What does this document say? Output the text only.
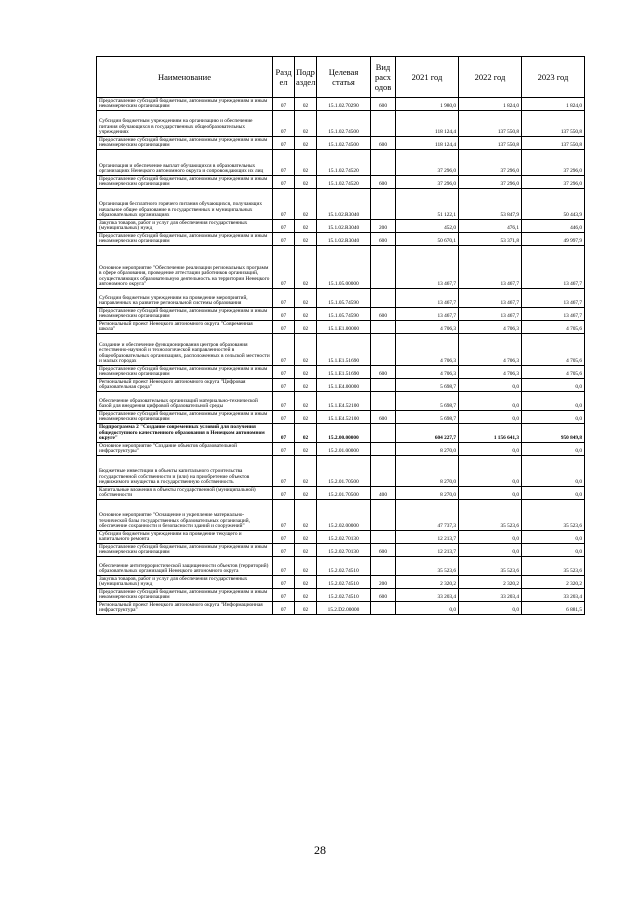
Наименование	Разд ел	Подр аздел	Целевая статья	Вид расх одов	2021 год	2022 год	2023 год
Предоставление субсидий бюджетным, автономным учреждениям и иным некоммерческим организациям	07	02	15.1.02.70290	600	1 980,0	1 824,0	1 824,0
Субсидии бюджетным учреждениям на организацию и обеспечение питания обучающихся в государственных общеобразовательных учреждениях	07	02	15.1.02.74500		118 124,4	137 550,8	137 550,8
Предоставление субсидий бюджетным, автономным учреждениям и иным некоммерческим организациям	07	02	15.1.02.74500	600	118 124,4	137 550,8	137 550,8
Организация и обеспечение выплат обучающихся в образовательных организациях Ненецкого автономного округа и сопровождающих их лиц	07	02	15.1.02.74520		37 296,0	37 296,0	37 296,0
Предоставление субсидий бюджетным, автономным учреждениям и иным некоммерческим организациям	07	02	15.1.02.74520	600	37 296,0	37 296,0	37 296,0
Организация бесплатного горячего питания обучающихся, получающих начальное общее образование в государственных и муниципальных образовательных организациях	07	02	15.1.02.R3040		51 122,1	53 847,9	50 443,9
Закупка товаров, работ и услуг для обеспечения государственных (муниципальных) нужд	07	02	15.1.02.R3040	200	452,0	476,1	446,0
Предоставление субсидий бюджетным, автономным учреждениям и иным некоммерческим организациям	07	02	15.1.02.R3040	600	50 670,1	53 371,8	49 997,9
Основное мероприятие "Обеспечение реализации региональных программ в сфере образования, проведение аттестации работников организаций, осуществляющих образовательную деятельность на территории Ненецкого автономного округа"	07	02	15.1.05.00000		13 467,7	13 467,7	13 467,7
Субсидии бюджетным учреждениям на проведение мероприятий, направленных на развитие региональной системы образования	07	02	15.1.05.74590		13 467,7	13 467,7	13 467,7
Предоставление субсидий бюджетным, автономным учреждениям и иным некоммерческим организациям	07	02	15.1.05.74590	600	13 467,7	13 467,7	13 467,7
Региональный проект Ненецкого автономного округа "Современная школа"	07	02	15.1.E1.00000		4 706,3	4 706,3	4 705,6
Создание и обеспечение функционирования центров образования естественно-научной и технологической направленностей в общеобразовательных организациях, расположенных в сельской местности и малых городах	07	02	15.1.E1.51690		4 706,3	4 706,3	4 705,6
Предоставление субсидий бюджетным, автономным учреждениям и иным некоммерческим организациям	07	02	15.1.E1.51690	600	4 706,3	4 706,3	4 705,6
Региональный проект Ненецкого автономного округа "Цифровая образовательная среда"	07	02	15.1.E4.00000		5 698,7	0,0	0,0
Обеспечение образовательных организаций материально-технической базой для внедрения цифровой образовательной среды	07	02	15.1.E4.52100		5 698,7	0,0	0,0
Предоставление субсидий бюджетным, автономным учреждениям и иным некоммерческим организациям	07	02	15.1.E4.52100	600	5 698,7	0,0	0,0
Подпрограмма 2 "Создание современных условий для получения общедоступного качественного образования в Ненецком автономном округе"	07	02	15.2.00.00000		604 227,7	1 156 641,3	950 849,8
Основное мероприятие "Создание объектов образовательной инфраструктуры"	07	02	15.2.01.00000		8 270,0	0,0	0,0
Бюджетные инвестиции в объекты капитального строительства государственной собственности и (или) на приобретение объектов недвижимого имущества в государственную собственность	07	02	15.2.01.70500		8 270,0	0,0	0,0
Капитальные вложения в объекты государственной (муниципальной) собственности	07	02	15.2.01.70500	400	8 270,0	0,0	0,0
Основное мероприятие "Оснащение и укрепление материально-технической базы государственных образовательных организаций, обеспечение сохранности и безопасности зданий и сооружений"	07	02	15.2.02.00000		47 737,3	35 523,6	35 523,6
Субсидии бюджетным учреждениям на проведение текущего и капитального ремонта	07	02	15.2.02.70130		12 213,7	0,0	0,0
Предоставление субсидий бюджетным, автономным учреждениям и иным некоммерческим организациям	07	02	15.2.02.70130	600	12 213,7	0,0	0,0
Обеспечение антитеррористической защищенности объектов (территорий) образовательных организаций Ненецкого автономного округа	07	02	15.2.02.74510		35 523,6	35 523,6	35 523,6
Закупка товаров, работ и услуг для обеспечения государственных (муниципальных) нужд	07	02	15.2.02.74510	200	2 320,2	2 320,2	2 320,2
Предоставление субсидий бюджетным, автономным учреждениям и иным некоммерческим организациям	07	02	15.2.02.74510	600	33 203,4	33 203,4	33 203,4
Региональный проект Ненецкого автономного округа "Информационная инфраструктура"	07	02	15.2.D2.00000		0,0	0,0	6 881,5
28
